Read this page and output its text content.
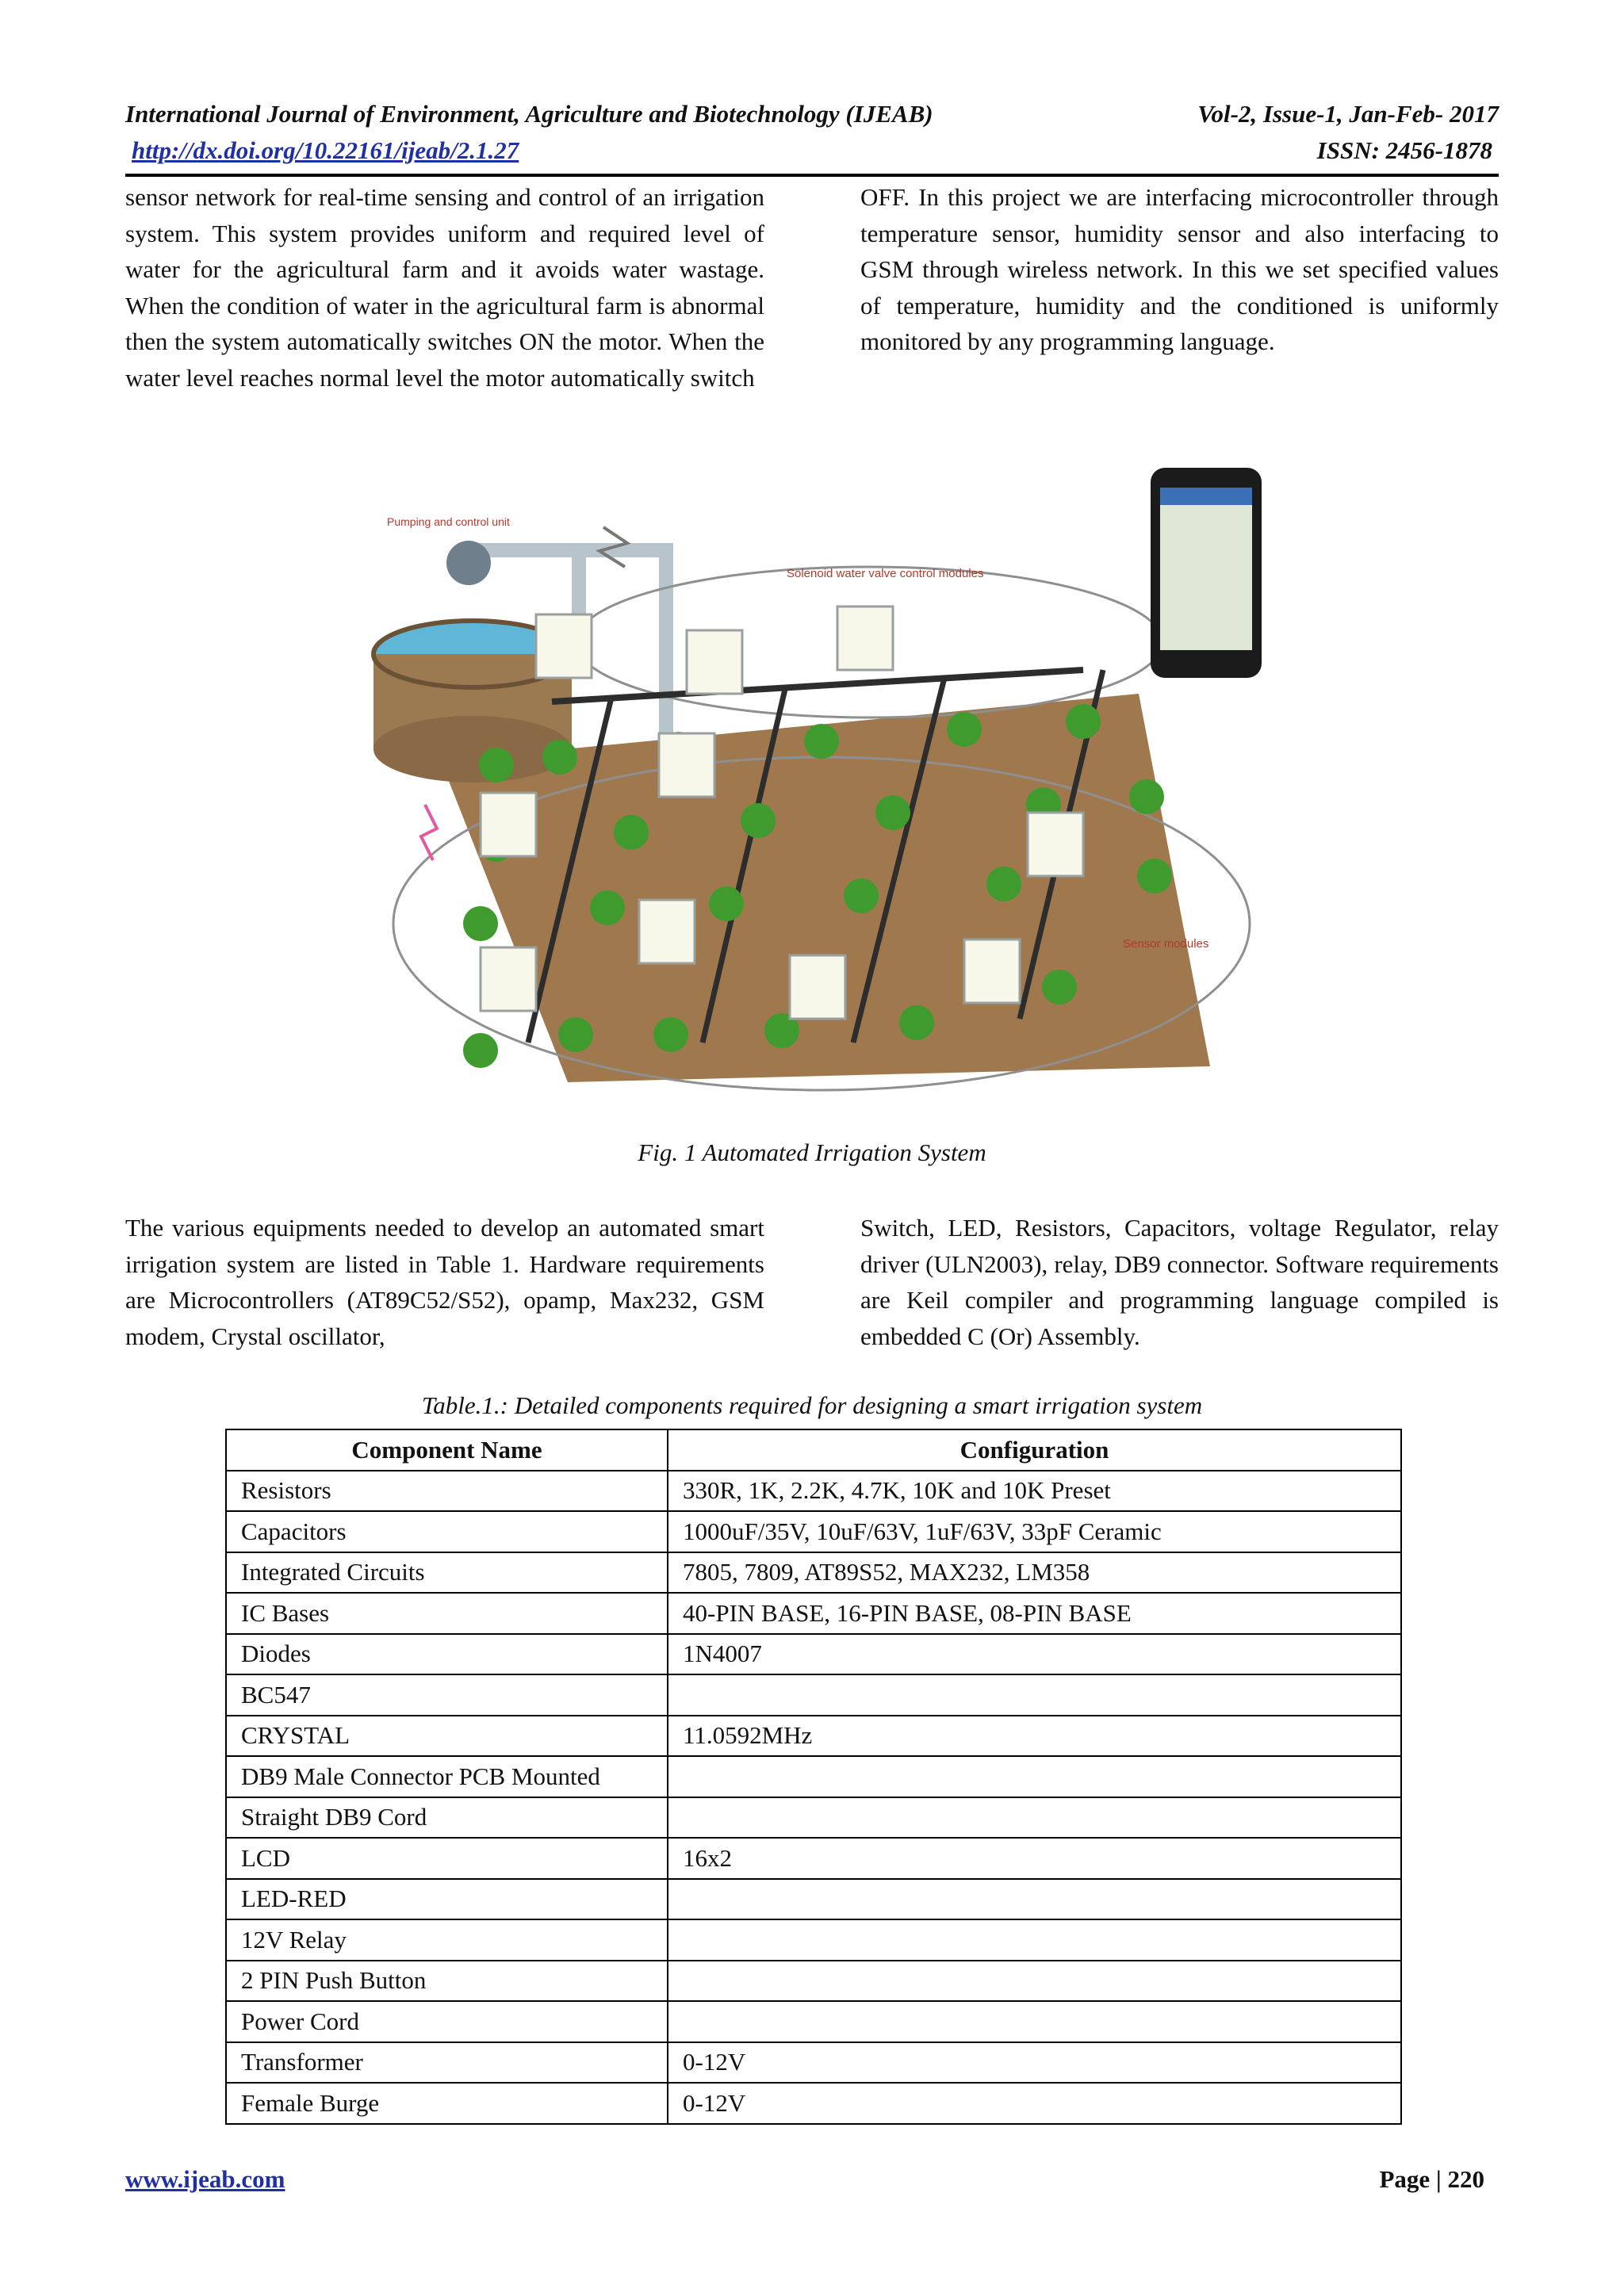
International Journal of Environment, Agriculture and Biotechnology (IJEAB)	Vol-2, Issue-1, Jan-Feb- 2017
http://dx.doi.org/10.22161/ijeab/2.1.27	ISSN: 2456-1878

sensor network for real-time sensing and control of an irrigation system. This system provides uniform and required level of water for the agricultural farm and it avoids water wastage. When the condition of water in the agricultural farm is abnormal then the system automatically switches ON the motor. When the water level reaches normal level the motor automatically switch

OFF. In this project we are interfacing microcontroller through temperature sensor, humidity sensor and also interfacing to GSM through wireless network. In this we set specified values of temperature, humidity and the conditioned is uniformly monitored by any programming language.

Pumping and control unit
Solenoid water valve control modules
Sensor modules
Fig. 1 Automated Irrigation System

The various equipments needed to develop an automated smart irrigation system are listed in Table 1. Hardware requirements are Microcontrollers (AT89C52/S52), opamp, Max232, GSM modem, Crystal oscillator,

Switch, LED, Resistors, Capacitors, voltage Regulator, relay driver (ULN2003), relay, DB9 connector. Software requirements are Keil compiler and programming language compiled is embedded C (Or) Assembly.

Table.1.: Detailed components required for designing a smart irrigation system
Component Name	Configuration
Resistors	330R, 1K, 2.2K, 4.7K, 10K and 10K Preset
Capacitors	1000uF/35V, 10uF/63V, 1uF/63V, 33pF Ceramic
Integrated Circuits	7805, 7809, AT89S52, MAX232, LM358
IC Bases	40-PIN BASE, 16-PIN BASE, 08-PIN BASE
Diodes	1N4007
BC547	
CRYSTAL	11.0592MHz
DB9 Male Connector PCB Mounted	
Straight DB9 Cord	
LCD	16x2
LED-RED	
12V Relay	
2 PIN Push Button	
Power Cord	
Transformer	0-12V
Female Burge	0-12V
www.ijeab.com	Page | 220
